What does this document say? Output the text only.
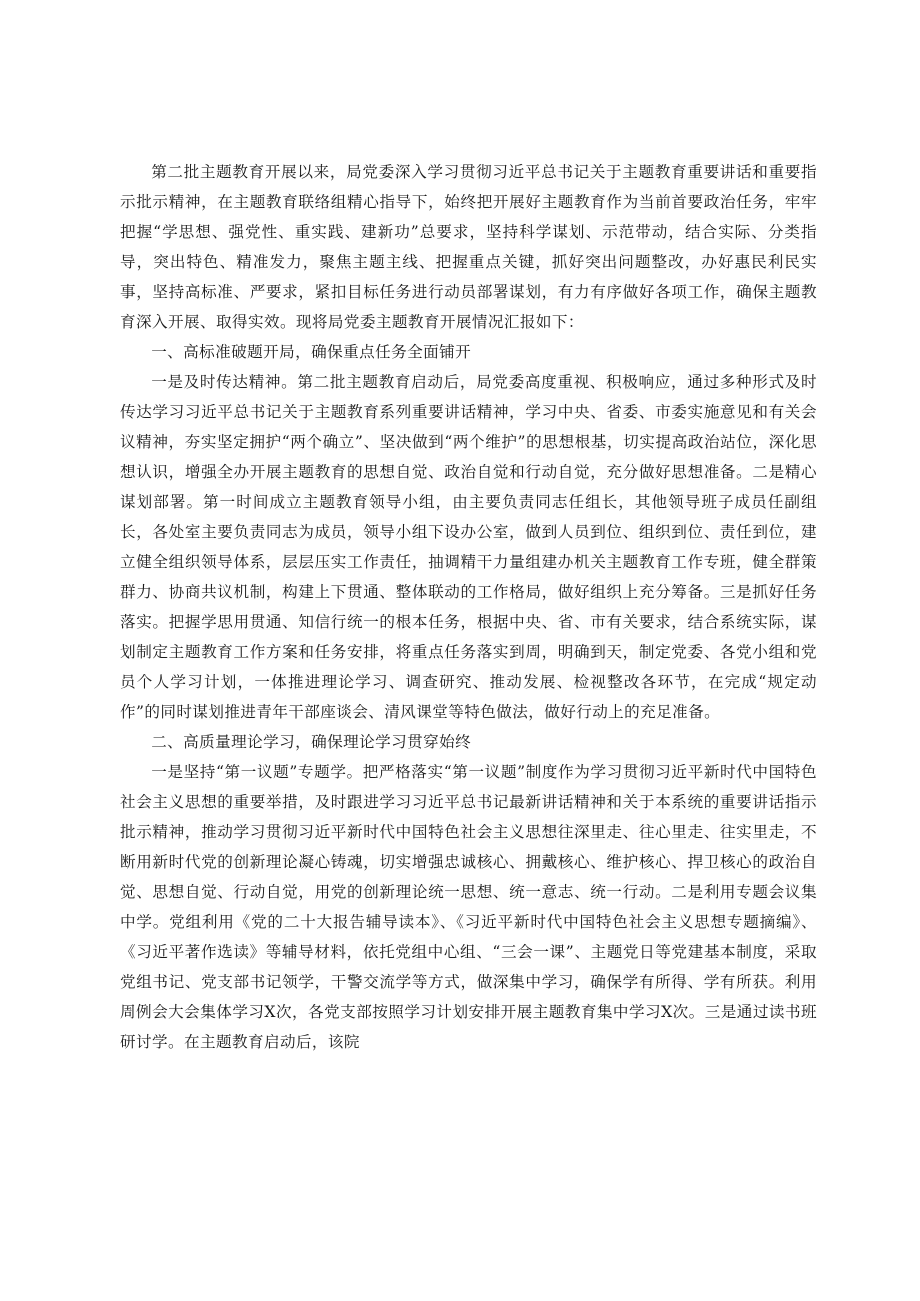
第二批主题教育开展以来，局党委深入学习贯彻习近平总书记关于主题教育重要讲话和重要指示批示精神，在主题教育联络组精心指导下，始终把开展好主题教育作为当前首要政治任务，牢牢把握“学思想、强党性、重实践、建新功”总要求，坚持科学谋划、示范带动，结合实际、分类指导，突出特色、精准发力，聚焦主题主线、把握重点关键，抓好突出问题整改，办好惠民利民实事，坚持高标准、严要求，紧扣目标任务进行动员部署谋划，有力有序做好各项工作，确保主题教育深入开展、取得实效。现将局党委主题教育开展情况汇报如下：

一、高标准破题开局，确保重点任务全面铺开

一是及时传达精神。第二批主题教育启动后，局党委高度重视、积极响应，通过多种形式及时传达学习习近平总书记关于主题教育系列重要讲话精神，学习中央、省委、市委实施意见和有关会议精神，夯实坚定拥护“两个确立”、坚决做到“两个维护”的思想根基，切实提高政治站位，深化思想认识，增强全办开展主题教育的思想自觉、政治自觉和行动自觉，充分做好思想准备。二是精心谋划部署。第一时间成立主题教育领导小组，由主要负责同志任组长，其他领导班子成员任副组长，各处室主要负责同志为成员，领导小组下设办公室，做到人员到位、组织到位、责任到位，建立健全组织领导体系，层层压实工作责任，抽调精干力量组建办机关主题教育工作专班，健全群策群力、协商共议机制，构建上下贯通、整体联动的工作格局，做好组织上充分筹备。三是抓好任务落实。把握学思用贯通、知信行统一的根本任务，根据中央、省、市有关要求，结合系统实际，谋划制定主题教育工作方案和任务安排，将重点任务落实到周，明确到天，制定党委、各党小组和党员个人学习计划，一体推进理论学习、调查研究、推动发展、检视整改各环节，在完成“规定动作”的同时谋划推进青年干部座谈会、清风课堂等特色做法，做好行动上的充足准备。

二、高质量理论学习，确保理论学习贯穿始终

一是坚持“第一议题”专题学。把严格落实“第一议题”制度作为学习贯彻习近平新时代中国特色社会主义思想的重要举措，及时跟进学习习近平总书记最新讲话精神和关于本系统的重要讲话指示批示精神，推动学习贯彻习近平新时代中国特色社会主义思想往深里走、往心里走、往实里走，不断用新时代党的创新理论凝心铸魂，切实增强忠诚核心、拥戴核心、维护核心、捍卫核心的政治自觉、思想自觉、行动自觉，用党的创新理论统一思想、统一意志、统一行动。二是利用专题会议集中学。党组利用《党的二十大报告辅导读本》、《习近平新时代中国特色社会主义思想专题摘编》、《习近平著作选读》等辅导材料，依托党组中心组、“三会一课”、主题党日等党建基本制度，采取党组书记、党支部书记领学，干警交流学等方式，做深集中学习，确保学有所得、学有所获。利用周例会大会集体学习X次，各党支部按照学习计划安排开展主题教育集中学习X次。三是通过读书班研讨学。在主题教育启动后，该院
